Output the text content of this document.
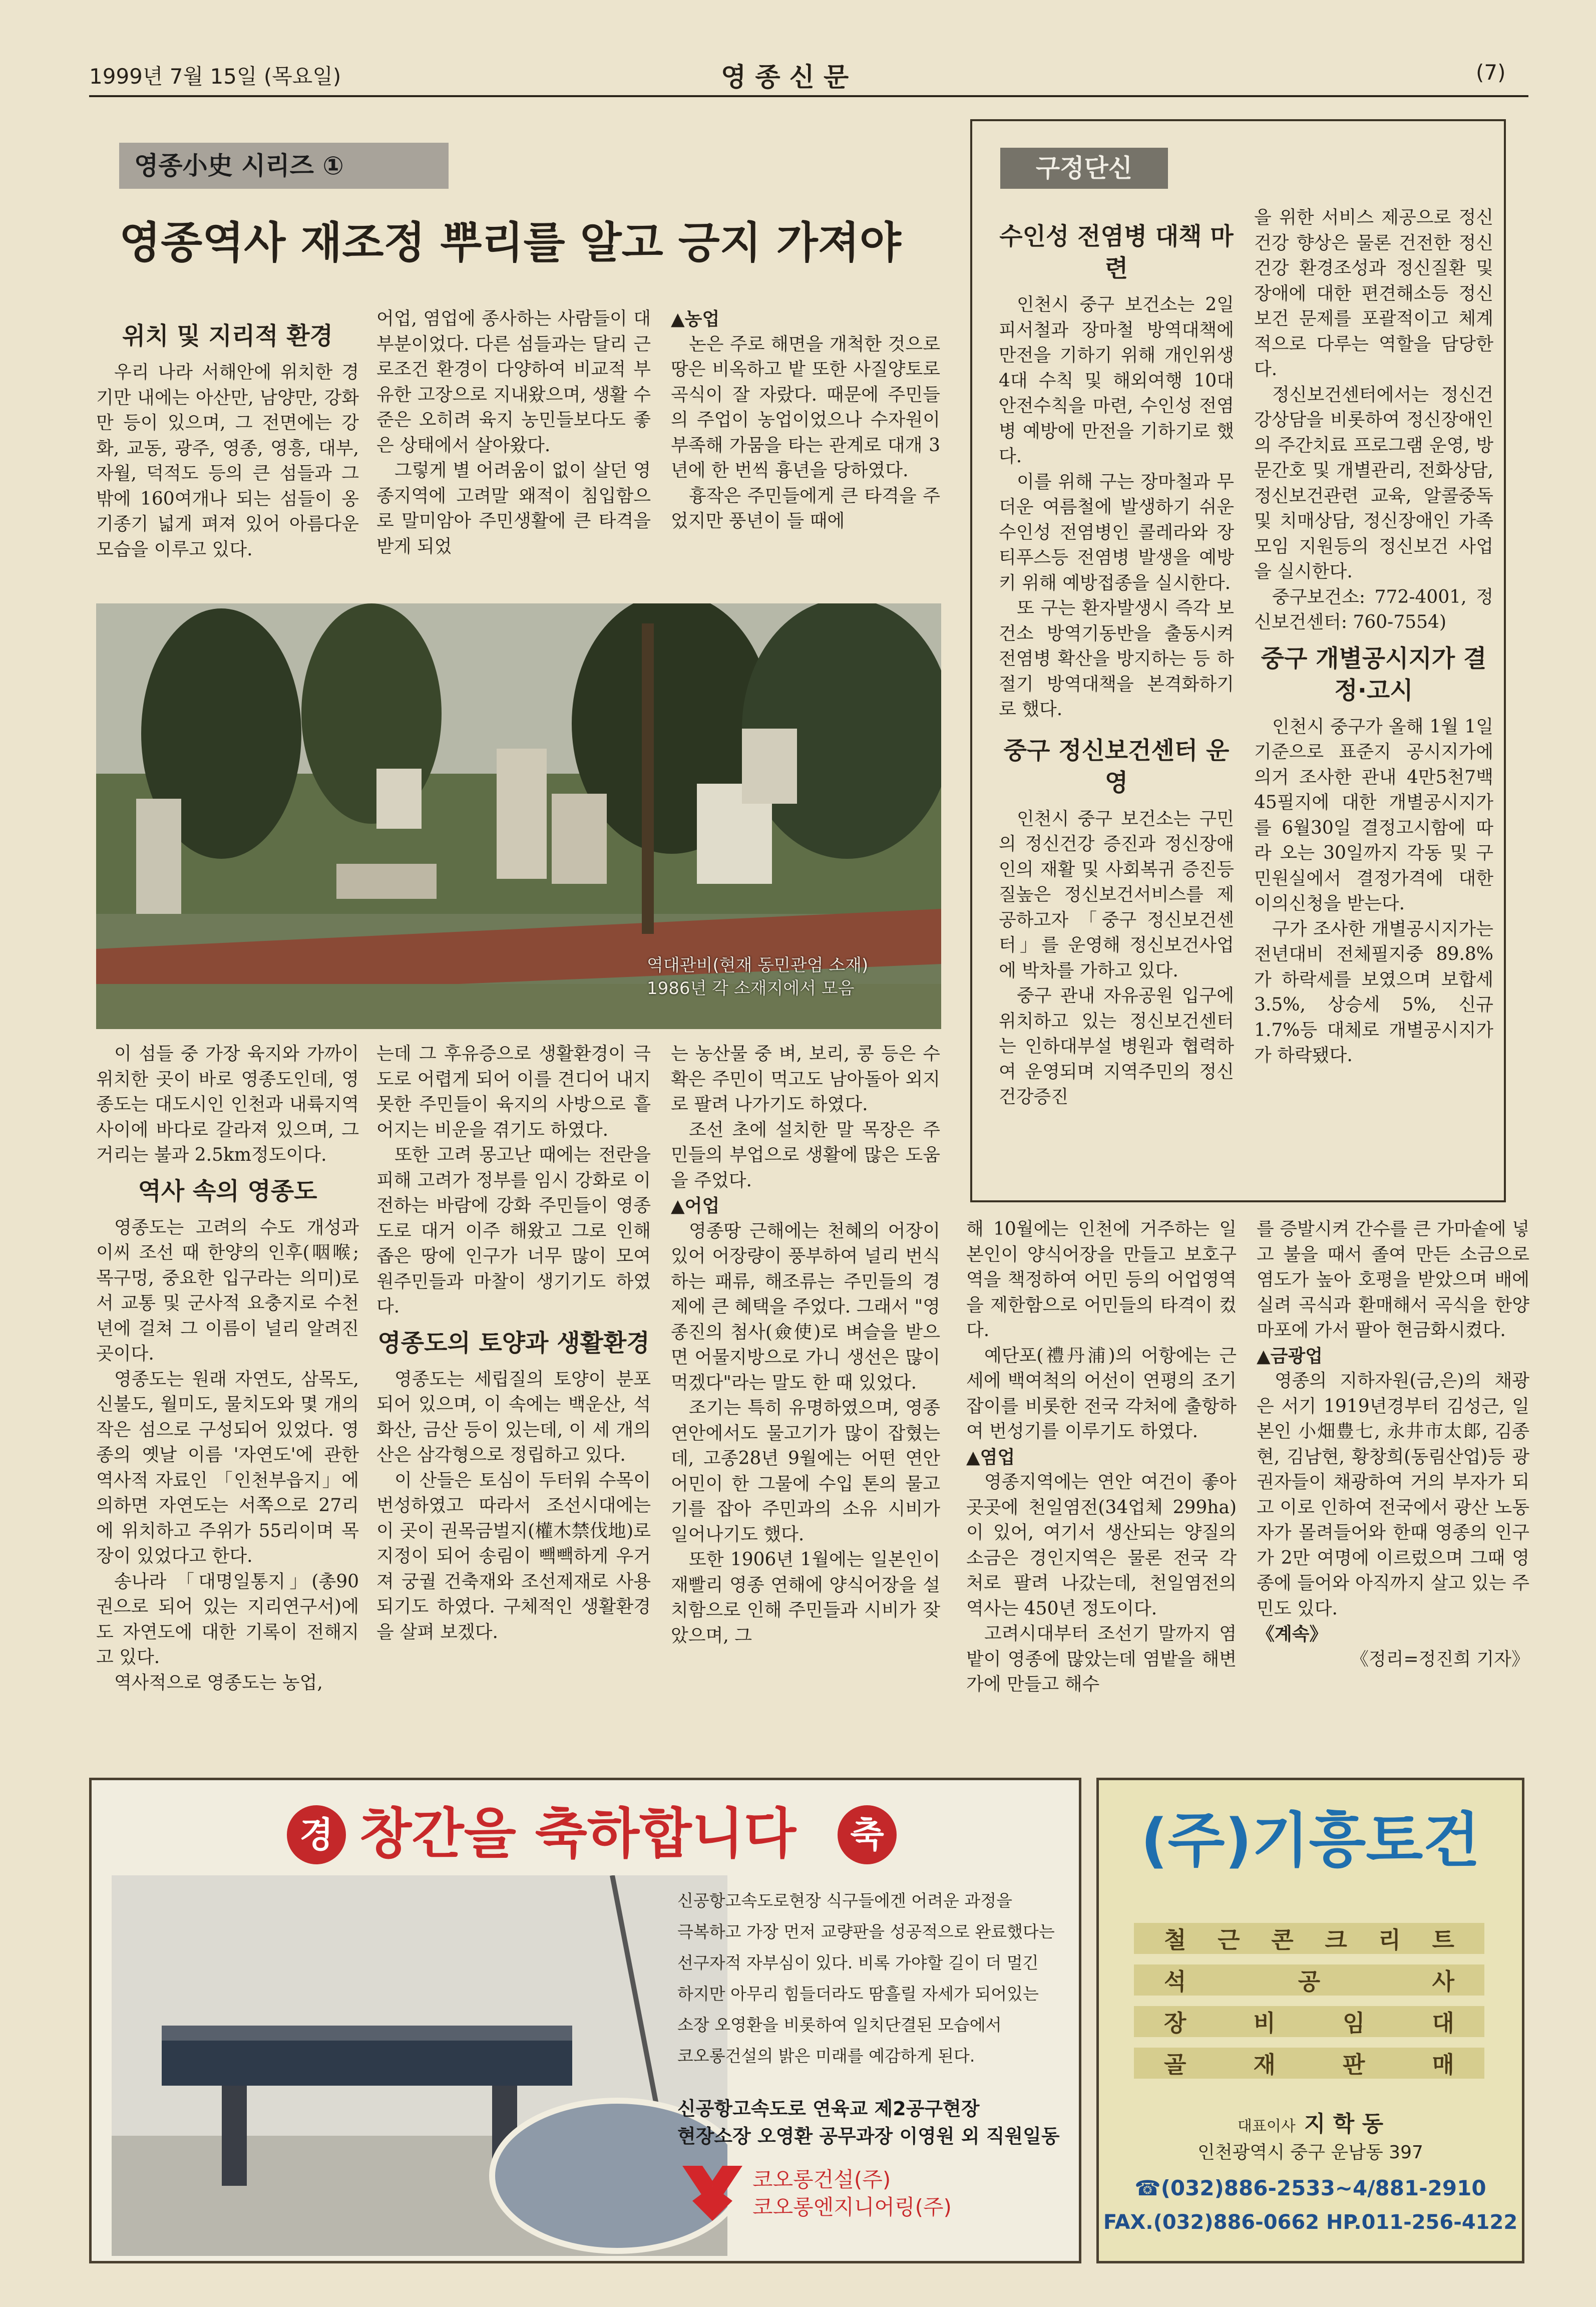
1999년 7월 15일 (목요일)	영 종 신 문	(7)
영종小史 시리즈 ①
영종역사 재조정 뿌리를 알고 긍지 가져야
위치 및 지리적 환경

우리 나라 서해안에 위치한 경기만 내에는 아산만, 남양만, 강화만 등이 있으며, 그 전면에는 강화, 교동, 광주, 영종, 영흥, 대부, 자월, 덕적도 등의 큰 섬들과 그 밖에 160여개나 되는 섬들이 옹기종기 넓게 펴져 있어 아름다운 모습을 이루고 있다.

어업, 염업에 종사하는 사람들이 대부분이었다. 다른 섬들과는 달리 근로조건 환경이 다양하여 비교적 부유한 고장으로 지내왔으며, 생활 수준은 오히려 육지 농민들보다도 좋은 상태에서 살아왔다.

그렇게 별 어려움이 없이 살던 영종지역에 고려말 왜적이 침입함으로 말미암아 주민생활에 큰 타격을 받게 되었

▲농업

논은 주로 해면을 개척한 것으로 땅은 비옥하고 밭 또한 사질양토로 곡식이 잘 자랐다. 때문에 주민들의 주업이 농업이었으나 수자원이 부족해 가뭄을 타는 관계로 대개 3년에 한 번씩 흉년을 당하였다.

흉작은 주민들에게 큰 타격을 주었지만 풍년이 들 때에

역대관비(현재 동민관엄 소재)
1986년 각 소재지에서 모음

이 섬들 중 가장 육지와 가까이 위치한 곳이 바로 영종도인데, 영종도는 대도시인 인천과 내륙지역 사이에 바다로 갈라져 있으며, 그 거리는 불과 2.5km정도이다.

역사 속의 영종도

영종도는 고려의 수도 개성과 이씨 조선 때 한양의 인후(咽喉; 목구멍, 중요한 입구라는 의미)로서 교통 및 군사적 요충지로 수천 년에 걸쳐 그 이름이 널리 알려진 곳이다.

영종도는 원래 자연도, 삼목도, 신불도, 월미도, 물치도와 몇 개의 작은 섬으로 구성되어 있었다. 영종의 옛날 이름 '자연도'에 관한 역사적 자료인 「인천부읍지」에 의하면 자연도는 서쪽으로 27리에 위치하고 주위가 55리이며 목장이 있었다고 한다.

송나라 「대명일통지」(총90권으로 되어 있는 지리연구서)에도 자연도에 대한 기록이 전해지고 있다.

역사적으로 영종도는 농업,

는데 그 후유증으로 생활환경이 극도로 어렵게 되어 이를 견디어 내지 못한 주민들이 육지의 사방으로 흩어지는 비운을 겪기도 하였다.

또한 고려 몽고난 때에는 전란을 피해 고려가 정부를 임시 강화로 이전하는 바람에 강화 주민들이 영종도로 대거 이주 해왔고 그로 인해 좁은 땅에 인구가 너무 많이 모여 원주민들과 마찰이 생기기도 하였다.

영종도의 토양과 생활환경

영종도는 세립질의 토양이 분포되어 있으며, 이 속에는 백운산, 석화산, 금산 등이 있는데, 이 세 개의 산은 삼각형으로 정립하고 있다.

이 산들은 토심이 두터워 수목이 번성하였고 따라서 조선시대에는 이 곳이 권목금벌지(權木禁伐地)로 지정이 되어 송림이 빽빽하게 우거져 궁궐 건축재와 조선제재로 사용되기도 하였다. 구체적인 생활환경을 살펴 보겠다.

는 농산물 중 벼, 보리, 콩 등은 수확은 주민이 먹고도 남아돌아 외지로 팔려 나가기도 하였다.

조선 초에 설치한 말 목장은 주민들의 부업으로 생활에 많은 도움을 주었다.

▲어업

영종땅 근해에는 천혜의 어장이 있어 어장량이 풍부하여 널리 번식하는 패류, 해조류는 주민들의 경제에 큰 혜택을 주었다. 그래서 "영종진의 첨사(僉使)로 벼슬을 받으면 어물지방으로 가니 생선은 많이 먹겠다"라는 말도 한 때 있었다.

조기는 특히 유명하였으며, 영종 연안에서도 물고기가 많이 잡혔는데, 고종28년 9월에는 어떤 연안 어민이 한 그물에 수입 톤의 물고기를 잡아 주민과의 소유 시비가 일어나기도 했다.

또한 1906년 1월에는 일본인이 재빨리 영종 연해에 양식어장을 설치함으로 인해 주민들과 시비가 잦았으며, 그

해 10월에는 인천에 거주하는 일본인이 양식어장을 만들고 보호구역을 책정하여 어민 등의 어업영역을 제한함으로 어민들의 타격이 컸다.

예단포(禮丹浦)의 어항에는 근세에 백여척의 어선이 연평의 조기잡이를 비롯한 전국 각처에 출항하여 번성기를 이루기도 하였다.

▲염업

영종지역에는 연안 여건이 좋아 곳곳에 천일염전(34업체 299ha)이 있어, 여기서 생산되는 양질의 소금은 경인지역은 물론 전국 각 처로 팔려 나갔는데, 천일염전의 역사는 450년 정도이다.

고려시대부터 조선기 말까지 염밭이 영종에 많았는데 염밭을 해변가에 만들고 해수

를 증발시켜 간수를 큰 가마솥에 넣고 불을 때서 졸여 만든 소금으로 염도가 높아 호평을 받았으며 배에 실려 곡식과 환매해서 곡식을 한양 마포에 가서 팔아 현금화시켰다.

▲금광업

영종의 지하자원(금,은)의 채광은 서기 1919년경부터 김성근, 일본인 小畑豊七, 永井市太郞, 김종현, 김남현, 황창희(동림산업)등 광권자들이 채광하여 거의 부자가 되고 이로 인하여 전국에서 광산 노동자가 몰려들어와 한때 영종의 인구가 2만 여명에 이르렀으며 그때 영종에 들어와 아직까지 살고 있는 주민도 있다.

《계속》

《정리=정진희 기자》

구정단신
수인성 전염병 대책 마련

인천시 중구 보건소는 2일 피서철과 장마철 방역대책에 만전을 기하기 위해 개인위생 4대 수칙 및 해외여행 10대 안전수칙을 마련, 수인성 전염병 예방에 만전을 기하기로 했다.

이를 위해 구는 장마철과 무더운 여름철에 발생하기 쉬운 수인성 전염병인 콜레라와 장티푸스등 전염병 발생을 예방키 위해 예방접종을 실시한다.

또 구는 환자발생시 즉각 보건소 방역기동반을 출동시켜 전염병 확산을 방지하는 등 하절기 방역대책을 본격화하기로 했다.

중구 정신보건센터 운영

인천시 중구 보건소는 구민의 정신건강 증진과 정신장애인의 재활 및 사회복귀 증진등 질높은 정신보건서비스를 제공하고자 「중구 정신보건센터」를 운영해 정신보건사업에 박차를 가하고 있다.

중구 관내 자유공원 입구에 위치하고 있는 정신보건센터는 인하대부설 병원과 협력하여 운영되며 지역주민의 정신건강증진

을 위한 서비스 제공으로 정신건강 향상은 물론 건전한 정신건강 환경조성과 정신질환 및 장애에 대한 편견해소등 정신보건 문제를 포괄적이고 체계적으로 다루는 역할을 담당한다.

정신보건센터에서는 정신건강상담을 비롯하여 정신장애인의 주간치료 프로그램 운영, 방문간호 및 개별관리, 전화상담, 정신보건관련 교육, 알콜중독 및 치매상담, 정신장애인 가족모임 지원등의 정신보건 사업을 실시한다.

중구보건소: 772-4001, 정신보건센터: 760-7554)

중구 개별공시지가 결정·고시

인천시 중구가 올해 1월 1일 기준으로 표준지 공시지가에 의거 조사한 관내 4만5천7백45필지에 대한 개별공시지가를 6월30일 결정고시함에 따라 오는 30일까지 각동 및 구민원실에서 결정가격에 대한 이의신청을 받는다.

구가 조사한 개별공시지가는 전년대비 전체필지중 89.8%가 하락세를 보였으며 보합세 3.5%, 상승세 5%, 신규 1.7%등 대체로 개별공시지가가 하락됐다.

경 창간을 축하합니다	축
신공항고속도로현장 식구들에겐 어려운 과정을
극복하고 가장 먼저 교량판을 성공적으로 완료했다는
선구자적 자부심이 있다. 비록 가야할 길이 더 멀긴
하지만 아무리 힘들더라도 땀흘릴 자세가 되어있는
소장 오영환을 비롯하여 일치단결된 모습에서
코오롱건설의 밝은 미래를 예감하게 된다.
신공항고속도로 연육교 제2공구현장
현장소장 오영환 공무과장 이영원 외 직원일동
코오롱건설(주)
코오롱엔지니어링(주)
(주)기흥토건
철 근 콘 크 리 트
석	공	사
장	비	임	대
골	재	판	매
대표이사 지 학 동
인천광역시 중구 운남동 397
☎(032)886-2533~4/881-2910
FAX.(032)886-0662 HP.011-256-4122
